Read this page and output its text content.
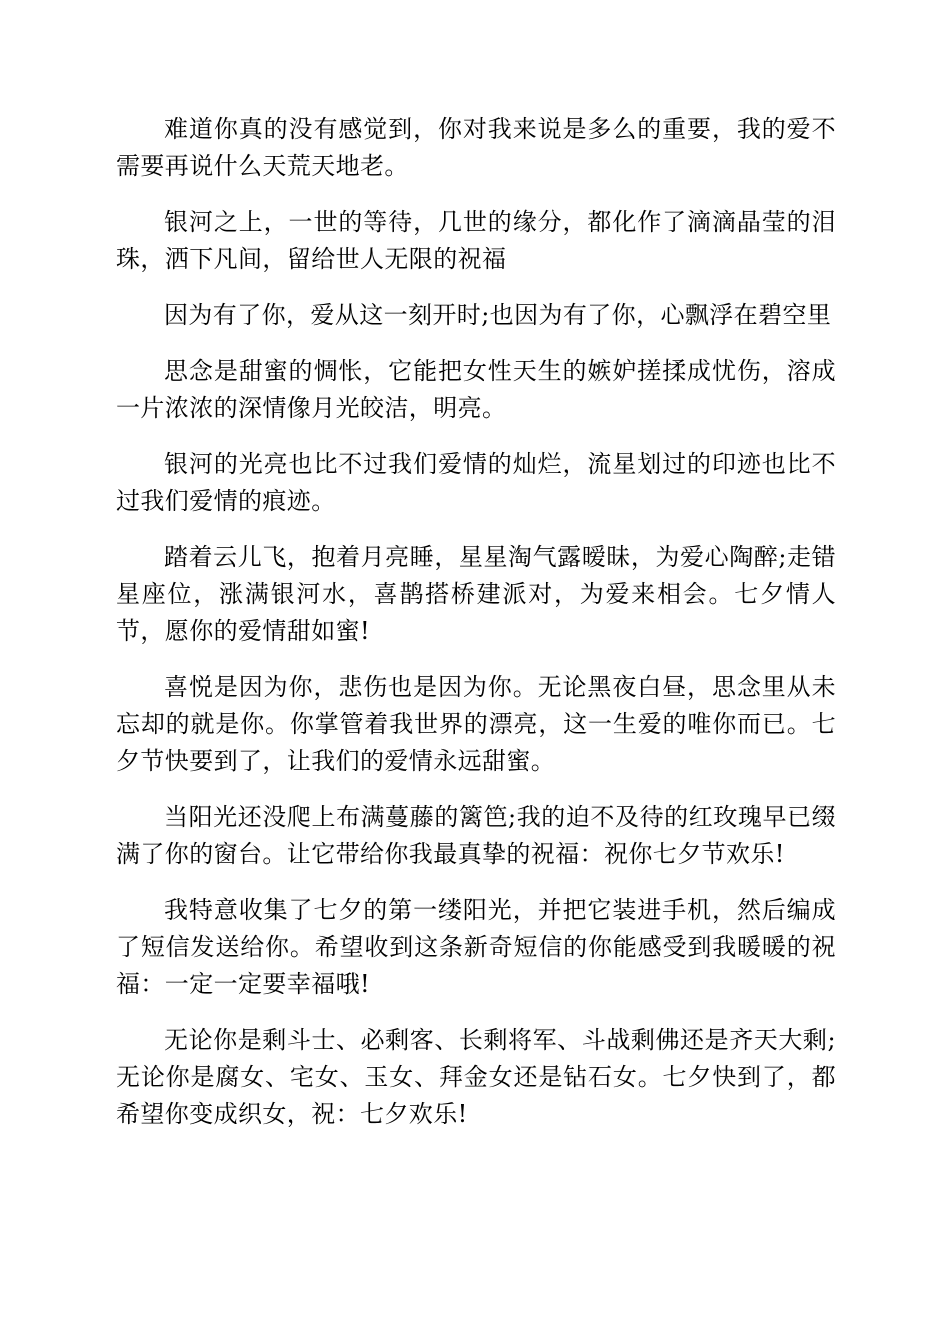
难道你真的没有感觉到，你对我来说是多么的重要，我的爱不需要再说什么天荒天地老。

银河之上，一世的等待，几世的缘分，都化作了滴滴晶莹的泪珠，洒下凡间，留给世人无限的祝福

因为有了你，爱从这一刻开时;也因为有了你，心飘浮在碧空里

思念是甜蜜的惆怅，它能把女性天生的嫉妒搓揉成忧伤，溶成一片浓浓的深情像月光皎洁，明亮。

银河的光亮也比不过我们爱情的灿烂，流星划过的印迹也比不过我们爱情的痕迹。

踏着云儿飞，抱着月亮睡，星星淘气露暧昧，为爱心陶醉;走错星座位，涨满银河水，喜鹊搭桥建派对，为爱来相会。七夕情人节，愿你的爱情甜如蜜!

喜悦是因为你，悲伤也是因为你。无论黑夜白昼，思念里从未忘却的就是你。你掌管着我世界的漂亮，这一生爱的唯你而已。七夕节快要到了，让我们的爱情永远甜蜜。

当阳光还没爬上布满蔓藤的篱笆;我的迫不及待的红玫瑰早已缀满了你的窗台。让它带给你我最真挚的祝福：祝你七夕节欢乐!

我特意收集了七夕的第一缕阳光，并把它装进手机，然后编成了短信发送给你。希望收到这条新奇短信的你能感受到我暖暖的祝福：一定一定要幸福哦!

无论你是剩斗士、必剩客、长剩将军、斗战剩佛还是齐天大剩;无论你是腐女、宅女、玉女、拜金女还是钻石女。七夕快到了，都希望你变成织女，祝：七夕欢乐!
